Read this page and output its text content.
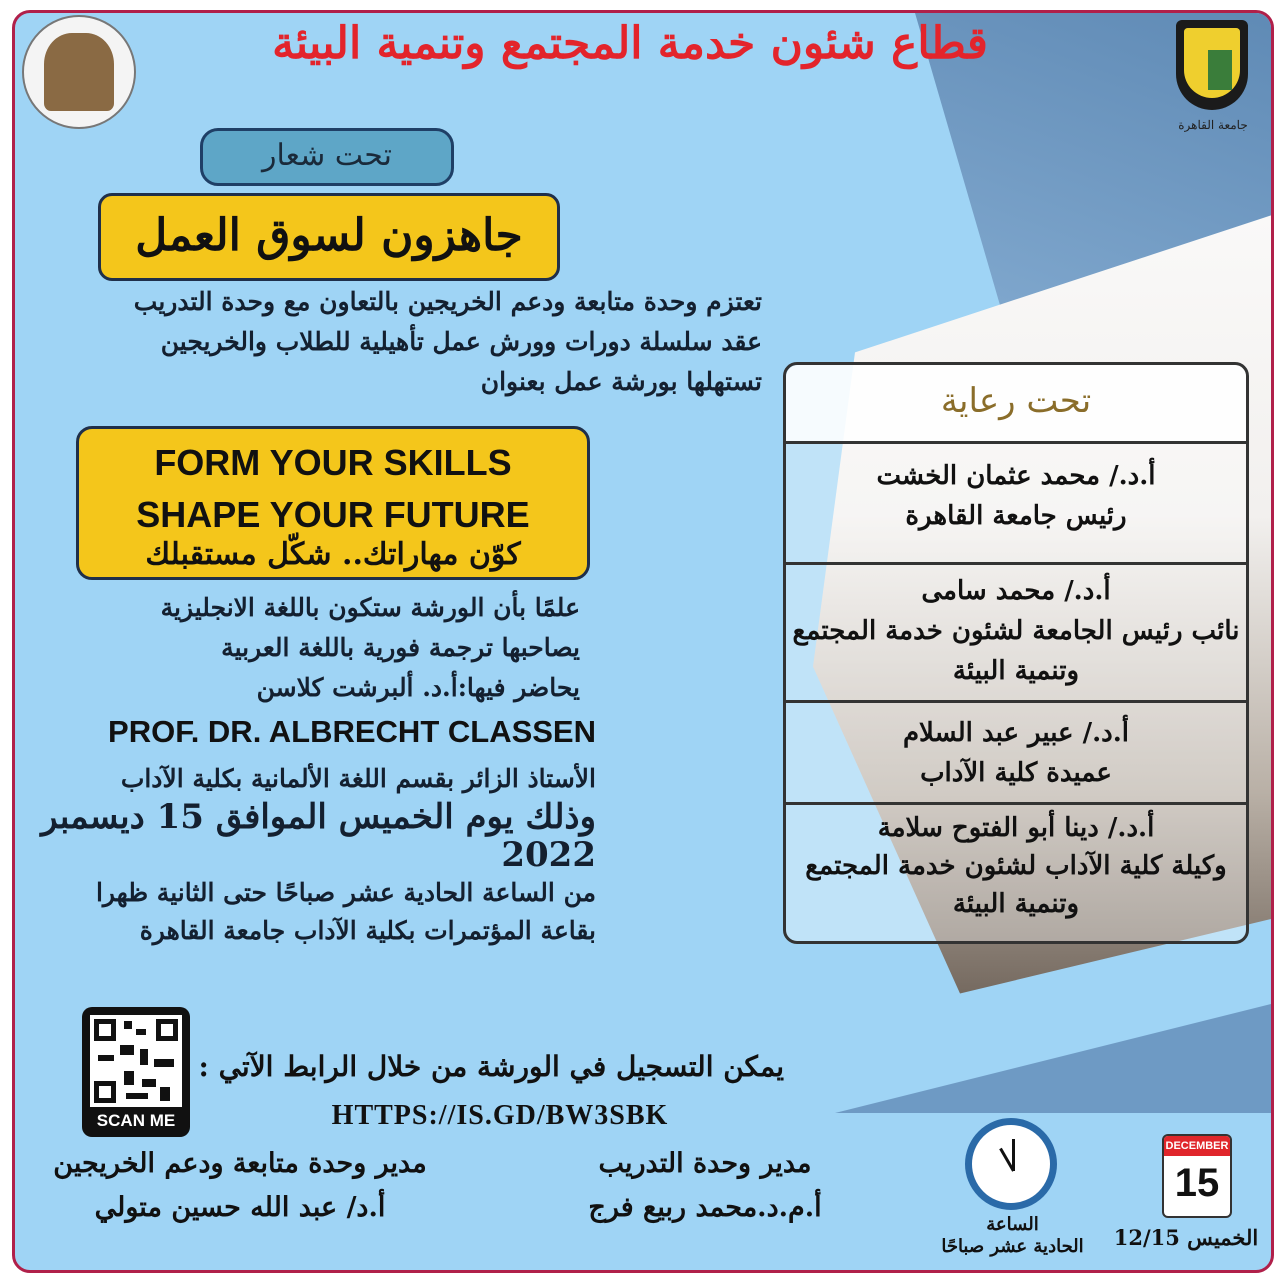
قطاع شئون خدمة المجتمع وتنمية البيئة
جامعة القاهرة
تحت شعار
جاهزون لسوق العمل
تعتزم وحدة متابعة ودعم الخريجين بالتعاون مع وحدة التدريب
عقد سلسلة دورات وورش عمل تأهيلية للطلاب والخريجين
تستهلها بورشة عمل بعنوان
FORM YOUR SKILLS
SHAPE YOUR FUTURE
كوّن مهاراتك.. شكّل مستقبلك
علمًا بأن الورشة ستكون باللغة الانجليزية
يصاحبها ترجمة فورية باللغة العربية
يحاضر فيها:أ.د. ألبرشت كلاسن
PROF. DR. ALBRECHT CLASSEN
الأستاذ الزائر بقسم اللغة الألمانية بكلية الآداب
وذلك يوم الخميس الموافق 15 ديسمبر 2022
من الساعة الحادية عشر صباحًا حتى الثانية ظهرا
بقاعة المؤتمرات بكلية الآداب جامعة القاهرة
تحت رعاية
أ.د./ محمد عثمان الخشت
رئيس جامعة القاهرة
أ.د./ محمد سامى
نائب رئيس الجامعة لشئون خدمة المجتمع وتنمية البيئة
أ.د./ عبير عبد السلام
عميدة كلية الآداب
أ.د./ دينا أبو الفتوح سلامة
وكيلة كلية الآداب لشئون خدمة المجتمع وتنمية البيئة
SCAN ME
يمكن التسجيل في الورشة من خلال الرابط الآتي :
HTTPS://IS.GD/BW3SBK
مدير وحدة متابعة ودعم الخريجين
أ.د/ عبد الله حسين متولي
مدير وحدة التدريب
أ.م.د.محمد ربيع فرج
الساعة
الحادية عشر صباحًا
DECEMBER
15
الخميس 12/15
